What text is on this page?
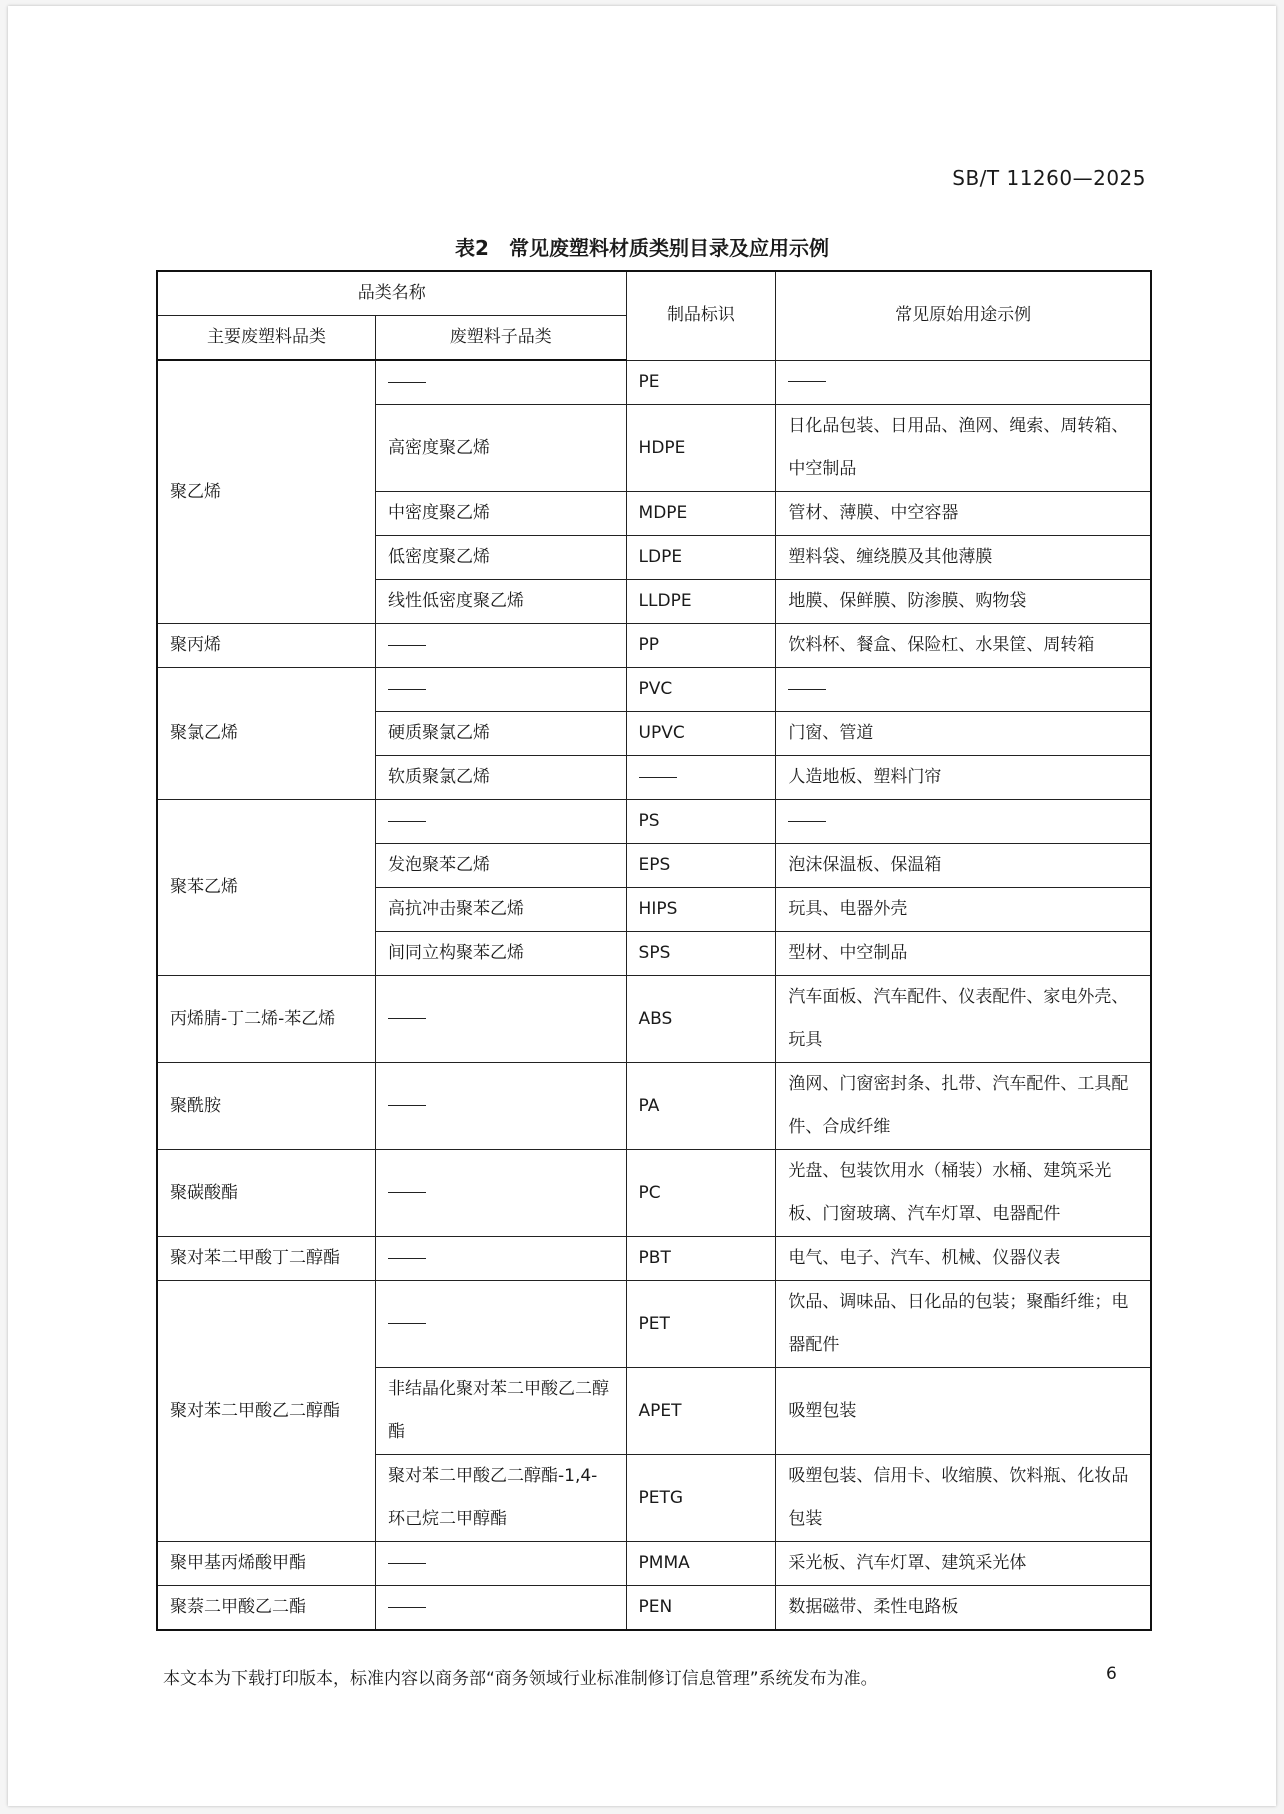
SB/T 11260—2025
表2　常见废塑料材质类别目录及应用示例
品类名称		制品标识	常见原始用途示例
主要废塑料品类	废塑料子品类		
聚乙烯		PE	

	高密度聚乙烯	HDPE	日化品包装、日用品、渔网、绳索、周转箱、中空制品
	中密度聚乙烯	MDPE	管材、薄膜、中空容器
	低密度聚乙烯	LDPE	塑料袋、缠绕膜及其他薄膜
	线性低密度聚乙烯	LLDPE	地膜、保鲜膜、防渗膜、购物袋
聚丙烯		PP	饮料杯、餐盒、保险杠、水果筐、周转箱
聚氯乙烯		PVC	

	硬质聚氯乙烯	UPVC	门窗、管道
	软质聚氯乙烯		人造地板、塑料门帘
聚苯乙烯		PS	

	发泡聚苯乙烯	EPS	泡沫保温板、保温箱
	高抗冲击聚苯乙烯	HIPS	玩具、电器外壳
	间同立构聚苯乙烯	SPS	型材、中空制品
丙烯腈-丁二烯-苯乙烯		ABS	汽车面板、汽车配件、仪表配件、家电外壳、玩具
聚酰胺		PA	渔网、门窗密封条、扎带、汽车配件、工具配件、合成纤维
聚碳酸酯		PC	光盘、包装饮用水（桶装）水桶、建筑采光板、门窗玻璃、汽车灯罩、电器配件
聚对苯二甲酸丁二醇酯		PBT	电气、电子、汽车、机械、仪器仪表
聚对苯二甲酸乙二醇酯		PET	饮品、调味品、日化品的包装；聚酯纤维；电器配件
	非结晶化聚对苯二甲酸乙二醇酯	APET	吸塑包装
	聚对苯二甲酸乙二醇酯-1,4-环己烷二甲醇酯	PETG	吸塑包装、信用卡、收缩膜、饮料瓶、化妆品包装
聚甲基丙烯酸甲酯		PMMA	采光板、汽车灯罩、建筑采光体
聚萘二甲酸乙二酯		PEN	数据磁带、柔性电路板
本文本为下载打印版本，标准内容以商务部“商务领域行业标准制修订信息管理”系统发布为准。	6
